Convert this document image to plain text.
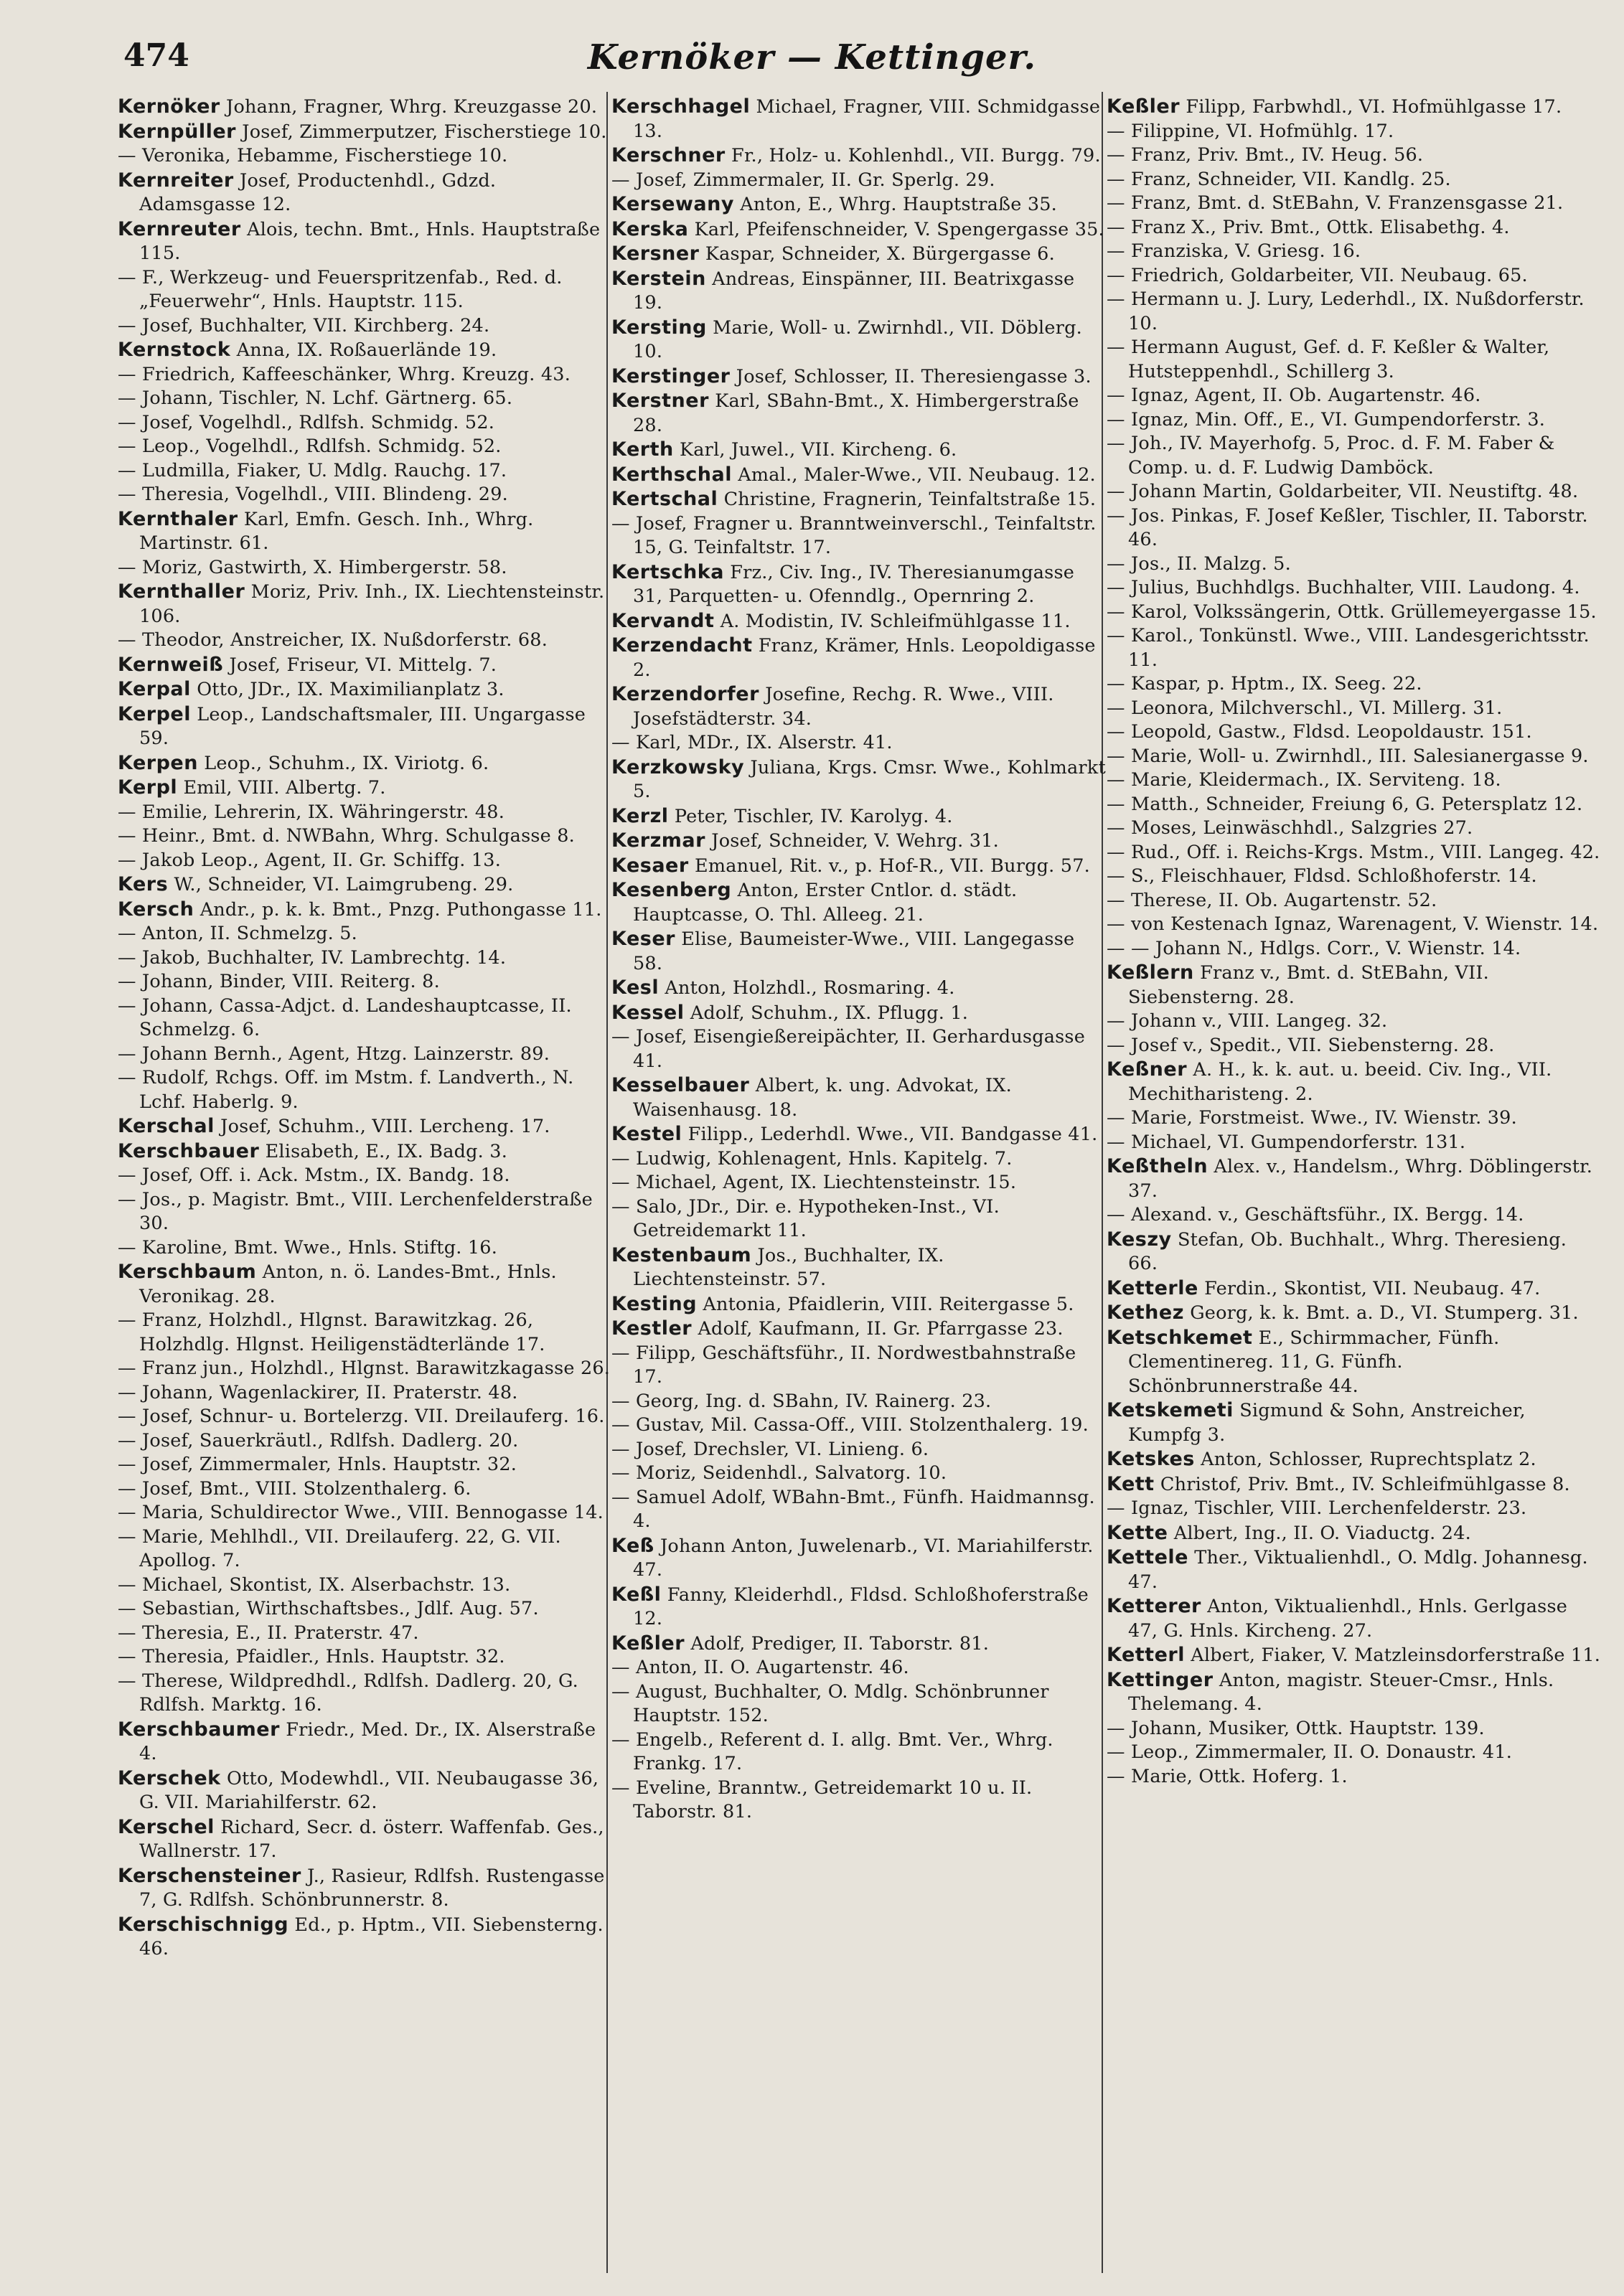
474	Kernöker — Kettinger.

Kernöker Johann, Fragner, Whrg. Kreuzgasse 20.

Kernpüller Josef, Zimmerputzer, Fischerstiege 10.

— Veronika, Hebamme, Fischerstiege 10.

Kernreiter Josef, Productenhdl., Gdzd. Adamsgasse 12.

Kernreuter Alois, techn. Bmt., Hnls. Hauptstraße 115.

— F., Werkzeug- und Feuerspritzenfab., Red. d. „Feuerwehr“, Hnls. Hauptstr. 115.

— Josef, Buchhalter, VII. Kirchberg. 24.

Kernstock Anna, IX. Roßauerlände 19.

— Friedrich, Kaffeeschänker, Whrg. Kreuzg. 43.

— Johann, Tischler, N. Lchf. Gärtnerg. 65.

— Josef, Vogelhdl., Rdlfsh. Schmidg. 52.

— Leop., Vogelhdl., Rdlfsh. Schmidg. 52.

— Ludmilla, Fiaker, U. Mdlg. Rauchg. 17.

— Theresia, Vogelhdl., VIII. Blindeng. 29.

Kernthaler Karl, Emfn. Gesch. Inh., Whrg. Martinstr. 61.

— Moriz, Gastwirth, X. Himbergerstr. 58.

Kernthaller Moriz, Priv. Inh., IX. Liechtensteinstr. 106.

— Theodor, Anstreicher, IX. Nußdorferstr. 68.

Kernweiß Josef, Friseur, VI. Mittelg. 7.

Kerpal Otto, JDr., IX. Maximilianplatz 3.

Kerpel Leop., Landschaftsmaler, III. Ungargasse 59.

Kerpen Leop., Schuhm., IX. Viriotg. 6.

Kerpl Emil, VIII. Albertg. 7.

— Emilie, Lehrerin, IX. Währingerstr. 48.

— Heinr., Bmt. d. NWBahn, Whrg. Schulgasse 8.

— Jakob Leop., Agent, II. Gr. Schiffg. 13.

Kers W., Schneider, VI. Laimgrubeng. 29.

Kersch Andr., p. k. k. Bmt., Pnzg. Puthongasse 11.

— Anton, II. Schmelzg. 5.

— Jakob, Buchhalter, IV. Lambrechtg. 14.

— Johann, Binder, VIII. Reiterg. 8.

— Johann, Cassa-Adjct. d. Landeshauptcasse, II. Schmelzg. 6.

— Johann Bernh., Agent, Htzg. Lainzerstr. 89.

— Rudolf, Rchgs. Off. im Mstm. f. Landverth., N. Lchf. Haberlg. 9.

Kerschal Josef, Schuhm., VIII. Lercheng. 17.

Kerschbauer Elisabeth, E., IX. Badg. 3.

— Josef, Off. i. Ack. Mstm., IX. Bandg. 18.

— Jos., p. Magistr. Bmt., VIII. Lerchenfelderstraße 30.

— Karoline, Bmt. Wwe., Hnls. Stiftg. 16.

Kerschbaum Anton, n. ö. Landes-Bmt., Hnls. Veronikag. 28.

— Franz, Holzhdl., Hlgnst. Barawitzkag. 26, Holzhdlg. Hlgnst. Heiligenstädterlände 17.

— Franz jun., Holzhdl., Hlgnst. Barawitzkagasse 26.

— Johann, Wagenlackirer, II. Praterstr. 48.

— Josef, Schnur- u. Bortelerzg. VII. Dreilauferg. 16.

— Josef, Sauerkräutl., Rdlfsh. Dadlerg. 20.

— Josef, Zimmermaler, Hnls. Hauptstr. 32.

— Josef, Bmt., VIII. Stolzenthalerg. 6.

— Maria, Schuldirector Wwe., VIII. Bennogasse 14.

— Marie, Mehlhdl., VII. Dreilauferg. 22, G. VII. Apollog. 7.

— Michael, Skontist, IX. Alserbachstr. 13.

— Sebastian, Wirthschaftsbes., Jdlf. Aug. 57.

— Theresia, E., II. Praterstr. 47.

— Theresia, Pfaidler., Hnls. Hauptstr. 32.

— Therese, Wildpredhdl., Rdlfsh. Dadlerg. 20, G. Rdlfsh. Marktg. 16.

Kerschbaumer Friedr., Med. Dr., IX. Alserstraße 4.

Kerschek Otto, Modewhdl., VII. Neubaugasse 36, G. VII. Mariahilferstr. 62.

Kerschel Richard, Secr. d. österr. Waffenfab. Ges., Wallnerstr. 17.

Kerschensteiner J., Rasieur, Rdlfsh. Rustengasse 7, G. Rdlfsh. Schönbrunnerstr. 8.

Kerschischnigg Ed., p. Hptm., VII. Siebensterng. 46.

Kerschhagel Michael, Fragner, VIII. Schmidgasse 13.

Kerschner Fr., Holz- u. Kohlenhdl., VII. Burgg. 79.

— Josef, Zimmermaler, II. Gr. Sperlg. 29.

Kersewany Anton, E., Whrg. Hauptstraße 35.

Kerska Karl, Pfeifenschneider, V. Spengergasse 35.

Kersner Kaspar, Schneider, X. Bürgergasse 6.

Kerstein Andreas, Einspänner, III. Beatrixgasse 19.

Kersting Marie, Woll- u. Zwirnhdl., VII. Döblerg. 10.

Kerstinger Josef, Schlosser, II. Theresiengasse 3.

Kerstner Karl, SBahn-Bmt., X. Himbergerstraße 28.

Kerth Karl, Juwel., VII. Kircheng. 6.

Kerthschal Amal., Maler-Wwe., VII. Neubaug. 12.

Kertschal Christine, Fragnerin, Teinfaltstraße 15.

— Josef, Fragner u. Branntweinverschl., Teinfaltstr. 15, G. Teinfaltstr. 17.

Kertschka Frz., Civ. Ing., IV. Theresianumgasse 31, Parquetten- u. Ofenndlg., Opernring 2.

Kervandt A. Modistin, IV. Schleifmühlgasse 11.

Kerzendacht Franz, Krämer, Hnls. Leopoldigasse 2.

Kerzendorfer Josefine, Rechg. R. Wwe., VIII. Josefstädterstr. 34.

— Karl, MDr., IX. Alserstr. 41.

Kerzkowsky Juliana, Krgs. Cmsr. Wwe., Kohlmarkt 5.

Kerzl Peter, Tischler, IV. Karolyg. 4.

Kerzmar Josef, Schneider, V. Wehrg. 31.

Kesaer Emanuel, Rit. v., p. Hof-R., VII. Burgg. 57.

Kesenberg Anton, Erster Cntlor. d. städt. Hauptcasse, O. Thl. Alleeg. 21.

Keser Elise, Baumeister-Wwe., VIII. Langegasse 58.

Kesl Anton, Holzhdl., Rosmaring. 4.

Kessel Adolf, Schuhm., IX. Pflugg. 1.

— Josef, Eisengießereipächter, II. Gerhardusgasse 41.

Kesselbauer Albert, k. ung. Advokat, IX. Waisenhausg. 18.

Kestel Filipp., Lederhdl. Wwe., VII. Bandgasse 41.

— Ludwig, Kohlenagent, Hnls. Kapitelg. 7.

— Michael, Agent, IX. Liechtensteinstr. 15.

— Salo, JDr., Dir. e. Hypotheken-Inst., VI. Getreidemarkt 11.

Kestenbaum Jos., Buchhalter, IX. Liechtensteinstr. 57.

Kesting Antonia, Pfaidlerin, VIII. Reitergasse 5.

Kestler Adolf, Kaufmann, II. Gr. Pfarrgasse 23.

— Filipp, Geschäftsführ., II. Nordwestbahnstraße 17.

— Georg, Ing. d. SBahn, IV. Rainerg. 23.

— Gustav, Mil. Cassa-Off., VIII. Stolzenthalerg. 19.

— Josef, Drechsler, VI. Linieng. 6.

— Moriz, Seidenhdl., Salvatorg. 10.

— Samuel Adolf, WBahn-Bmt., Fünfh. Haidmannsg. 4.

Keß Johann Anton, Juwelenarb., VI. Mariahilferstr. 47.

Keßl Fanny, Kleiderhdl., Fldsd. Schloßhoferstraße 12.

Keßler Adolf, Prediger, II. Taborstr. 81.

— Anton, II. O. Augartenstr. 46.

— August, Buchhalter, O. Mdlg. Schönbrunner Hauptstr. 152.

— Engelb., Referent d. I. allg. Bmt. Ver., Whrg. Frankg. 17.

— Eveline, Branntw., Getreidemarkt 10 u. II. Taborstr. 81.

Keßler Filipp, Farbwhdl., VI. Hofmühlgasse 17.

— Filippine, VI. Hofmühlg. 17.

— Franz, Priv. Bmt., IV. Heug. 56.

— Franz, Schneider, VII. Kandlg. 25.

— Franz, Bmt. d. StEBahn, V. Franzensgasse 21.

— Franz X., Priv. Bmt., Ottk. Elisabethg. 4.

— Franziska, V. Griesg. 16.

— Friedrich, Goldarbeiter, VII. Neubaug. 65.

— Hermann u. J. Lury, Lederhdl., IX. Nußdorferstr. 10.

— Hermann August, Gef. d. F. Keßler & Walter, Hutsteppenhdl., Schillerg 3.

— Ignaz, Agent, II. Ob. Augartenstr. 46.

— Ignaz, Min. Off., E., VI. Gumpendorferstr. 3.

— Joh., IV. Mayerhofg. 5, Proc. d. F. M. Faber & Comp. u. d. F. Ludwig Damböck.

— Johann Martin, Goldarbeiter, VII. Neustiftg. 48.

— Jos. Pinkas, F. Josef Keßler, Tischler, II. Taborstr. 46.

— Jos., II. Malzg. 5.

— Julius, Buchhdlgs. Buchhalter, VIII. Laudong. 4.

— Karol, Volkssängerin, Ottk. Grüllemeyergasse 15.

— Karol., Tonkünstl. Wwe., VIII. Landesgerichtsstr. 11.

— Kaspar, p. Hptm., IX. Seeg. 22.

— Leonora, Milchverschl., VI. Millerg. 31.

— Leopold, Gastw., Fldsd. Leopoldaustr. 151.

— Marie, Woll- u. Zwirnhdl., III. Salesianergasse 9.

— Marie, Kleidermach., IX. Serviteng. 18.

— Matth., Schneider, Freiung 6, G. Petersplatz 12.

— Moses, Leinwäschhdl., Salzgries 27.

— Rud., Off. i. Reichs-Krgs. Mstm., VIII. Langeg. 42.

— S., Fleischhauer, Fldsd. Schloßhoferstr. 14.

— Therese, II. Ob. Augartenstr. 52.

— von Kestenach Ignaz, Warenagent, V. Wienstr. 14.

— — Johann N., Hdlgs. Corr., V. Wienstr. 14.

Keßlern Franz v., Bmt. d. StEBahn, VII. Siebensterng. 28.

— Johann v., VIII. Langeg. 32.

— Josef v., Spedit., VII. Siebensterng. 28.

Keßner A. H., k. k. aut. u. beeid. Civ. Ing., VII. Mechitharisteng. 2.

— Marie, Forstmeist. Wwe., IV. Wienstr. 39.

— Michael, VI. Gumpendorferstr. 131.

Keßtheln Alex. v., Handelsm., Whrg. Döblingerstr. 37.

— Alexand. v., Geschäftsführ., IX. Bergg. 14.

Keszy Stefan, Ob. Buchhalt., Whrg. Theresieng. 66.

Ketterle Ferdin., Skontist, VII. Neubaug. 47.

Kethez Georg, k. k. Bmt. a. D., VI. Stumperg. 31.

Ketschkemet E., Schirmmacher, Fünfh. Clementinereg. 11, G. Fünfh. Schönbrunnerstraße 44.

Ketskemeti Sigmund & Sohn, Anstreicher, Kumpfg 3.

Ketskes Anton, Schlosser, Ruprechtsplatz 2.

Kett Christof, Priv. Bmt., IV. Schleifmühlgasse 8.

— Ignaz, Tischler, VIII. Lerchenfelderstr. 23.

Kette Albert, Ing., II. O. Viaductg. 24.

Kettele Ther., Viktualienhdl., O. Mdlg. Johannesg. 47.

Ketterer Anton, Viktualienhdl., Hnls. Gerlgasse 47, G. Hnls. Kircheng. 27.

Ketterl Albert, Fiaker, V. Matzleinsdorferstraße 11.

Kettinger Anton, magistr. Steuer-Cmsr., Hnls. Thelemang. 4.

— Johann, Musiker, Ottk. Hauptstr. 139.

— Leop., Zimmermaler, II. O. Donaustr. 41.

— Marie, Ottk. Hoferg. 1.
